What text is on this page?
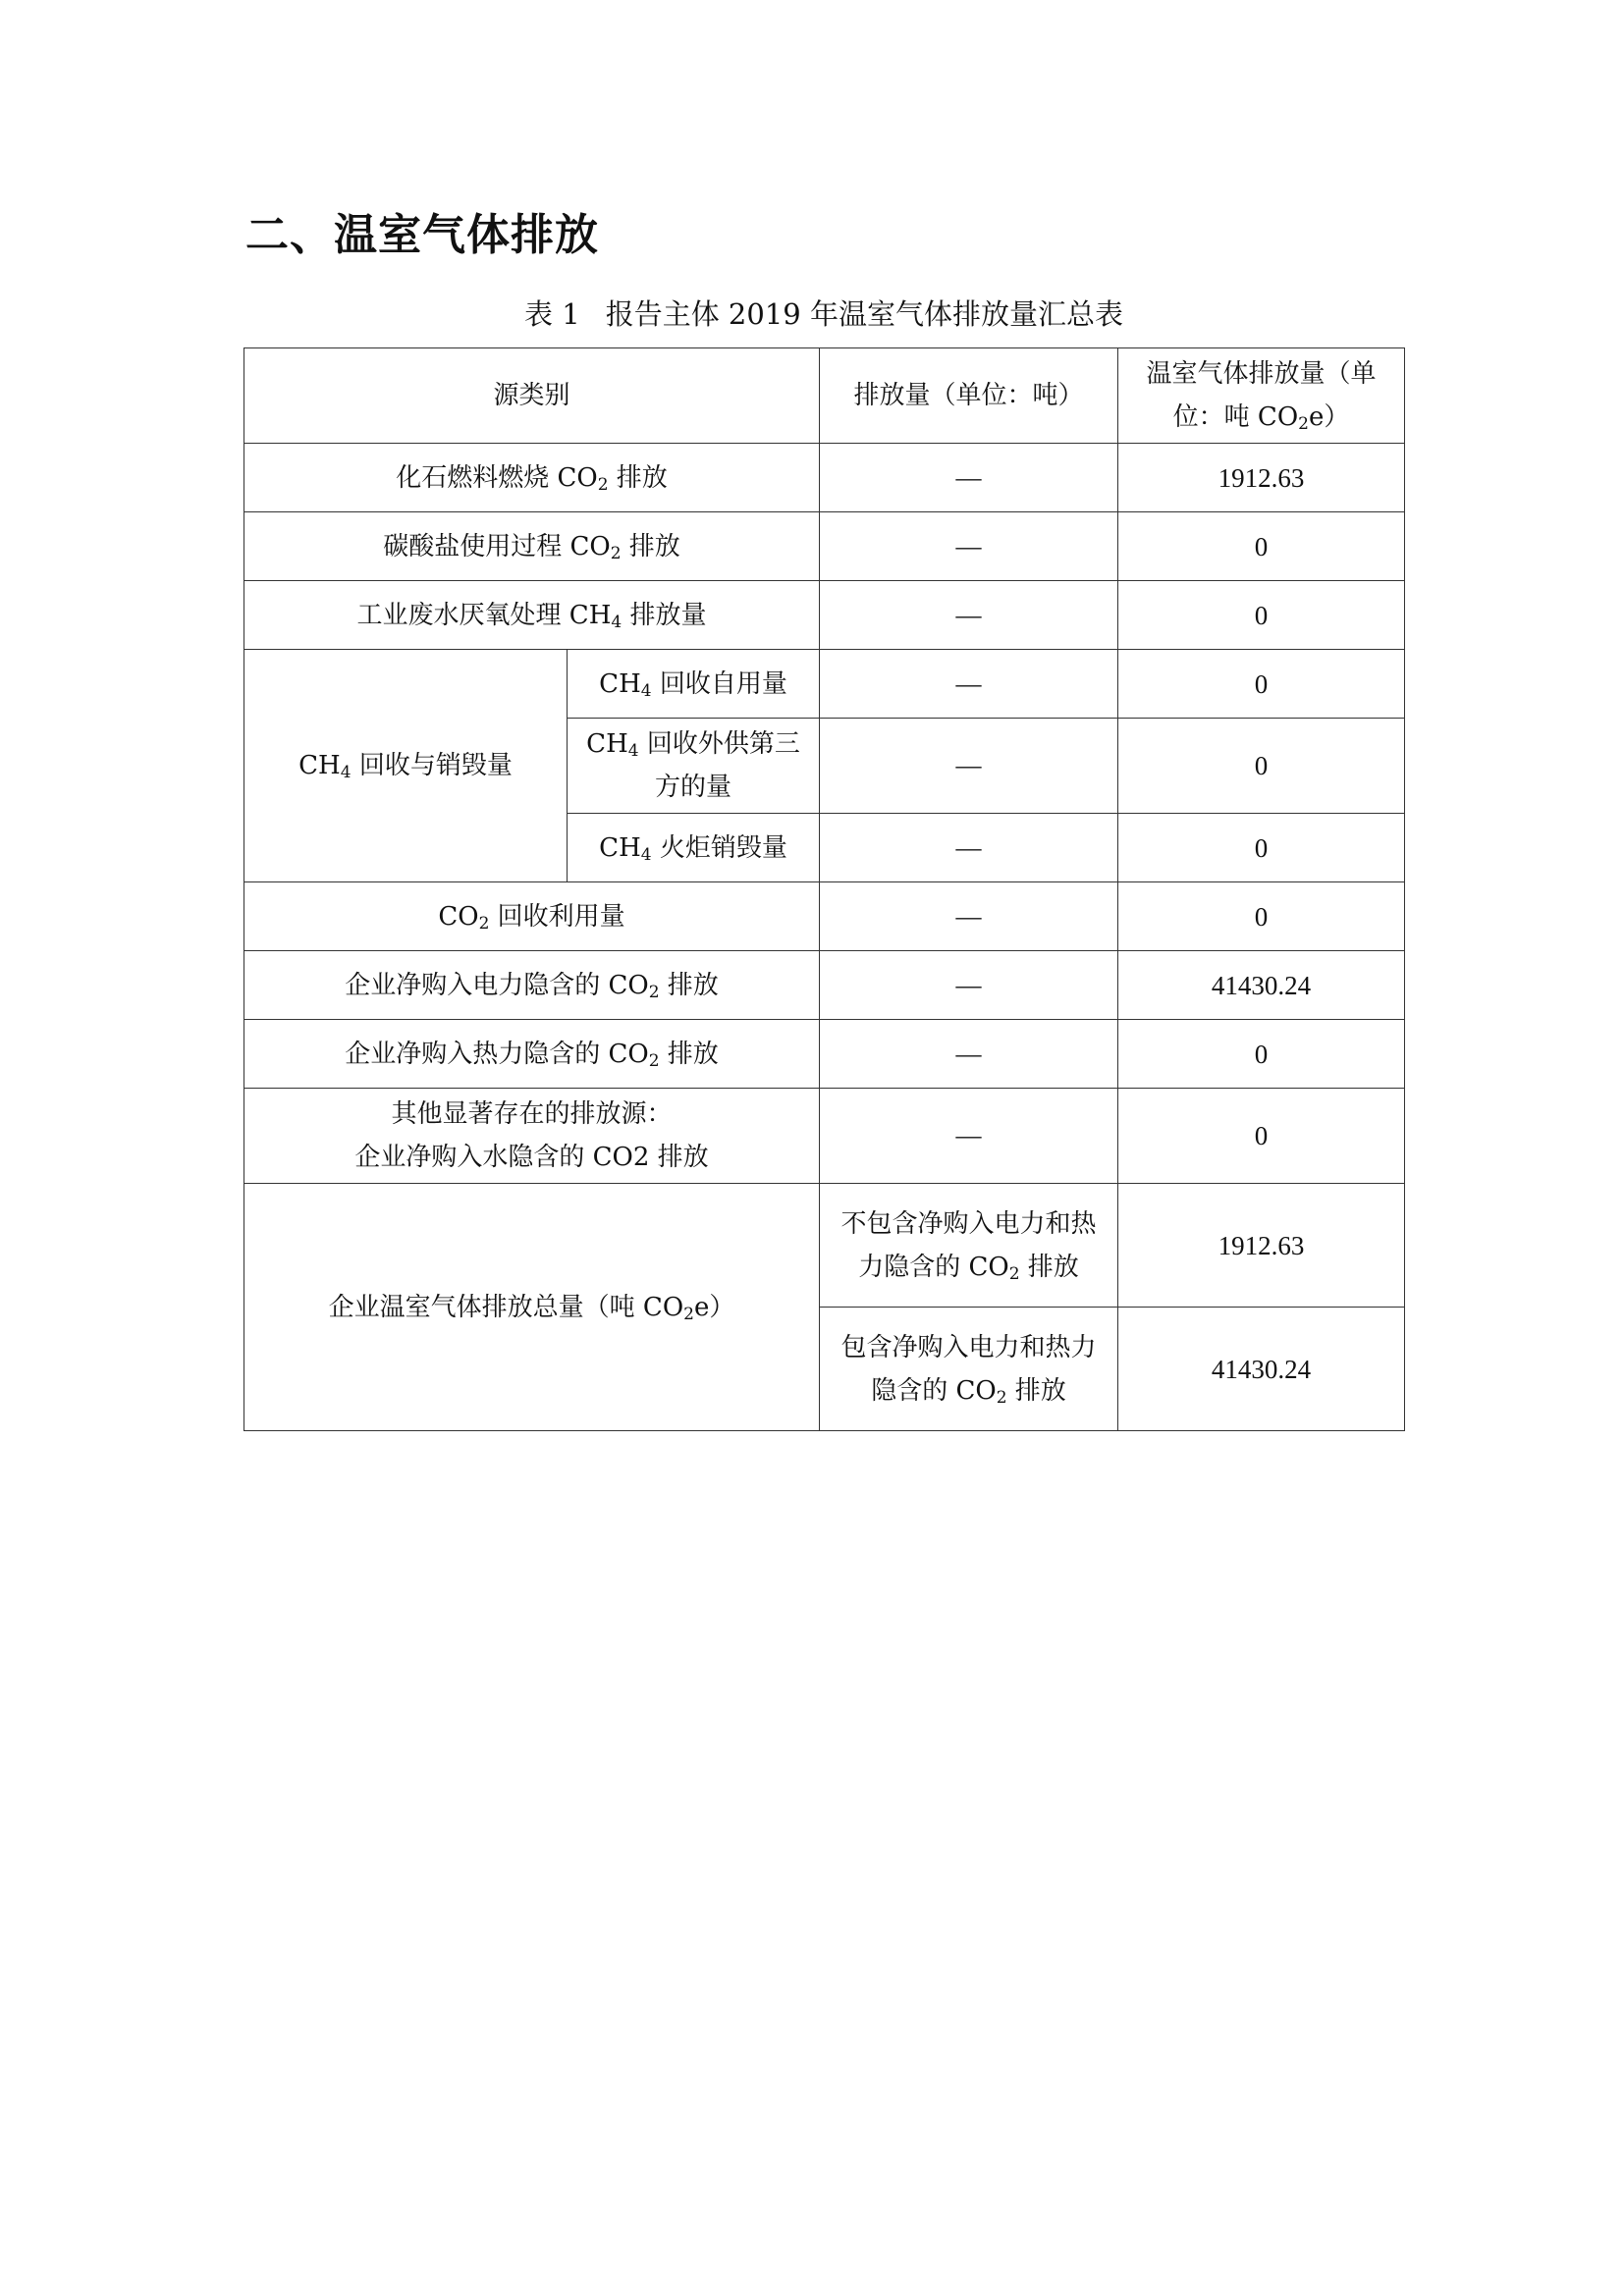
二、温室气体排放
表 1 报告主体 2019 年温室气体排放量汇总表
源类别		排放量（单位：吨）	温室气体排放量（单
位：吨 $CO_2e$）

化石燃料燃烧 $CO_2$ 排放		—	1912.63
碳酸盐使用过程 $CO_2$ 排放		—	0
工业废水厌氧处理 $CH_4$ 排放量		—	0
$CH_4$ 回收与销毁量	$CH_4$ 回收自用量	—	0

	$CH_4$ 回收外供第三
方的量	—	0
	$CH_4$ 火炬销毁量	—	0
$CO_2$ 回收利用量		—	0
企业净购入电力隐含的 $CO_2$ 排放		—	41430.24
企业净购入热力隐含的 $CO_2$ 排放		—	0

其他显著存在的排放源：
企业净购入水隐含的 CO2 排放		—	0
企业温室气体排放总量（吨 $CO_2e$）		不包含净购入电力和热
力隐含的 $CO_2$ 排放	1912.63

		包含净购入电力和热力
隐含的 $CO_2$ 排放	41430.24
